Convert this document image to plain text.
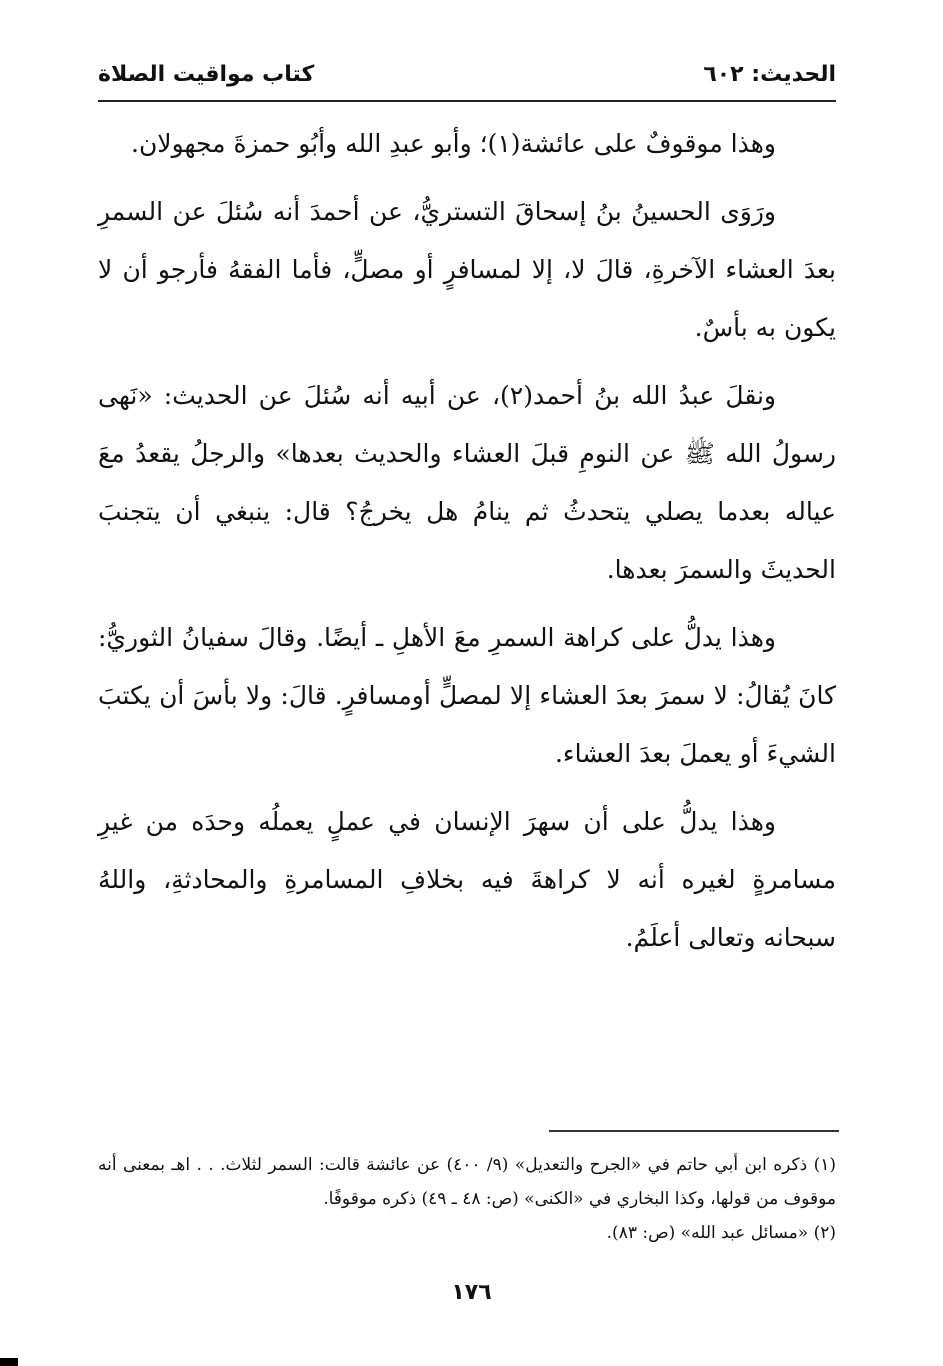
الحديث: ٦٠٢
كتاب مواقيت الصلاة

وهذا موقوفٌ على عائشة(١)؛ وأبو عبدِ الله وأبُو حمزةَ مجهولان.

ورَوَى الحسينُ بنُ إسحاقَ التستريُّ، عن أحمدَ أنه سُئلَ عن السمرِ بعدَ العشاء الآخرةِ، قالَ لا، إلا لمسافرٍ أو مصلٍّ، فأما الفقهُ فأرجو أن لا يكون به بأسٌ.

ونقلَ عبدُ الله بنُ أحمد(٢)، عن أبيه أنه سُئلَ عن الحديث: «نَهى رسولُ الله ﷺ عن النومِ قبلَ العشاء والحديث بعدها» والرجلُ يقعدُ معَ عياله بعدما يصلي يتحدثُ ثم ينامُ هل يخرجُ؟ قال: ينبغي أن يتجنبَ الحديثَ والسمرَ بعدها.

وهذا يدلُّ على كراهة السمرِ معَ الأهلِ ـ أيضًا. وقالَ سفيانُ الثوريُّ: كانَ يُقالُ: لا سمرَ بعدَ العشاء إلا لمصلٍّ أومسافرٍ. قالَ: ولا بأسَ أن يكتبَ الشيءَ أو يعملَ بعدَ العشاء.

وهذا يدلُّ على أن سهرَ الإنسان في عملٍ يعملُه وحدَه من غيرِ مسامرةٍ لغيره أنه لا كراهةَ فيه بخلافِ المسامرةِ والمحادثةِ، واللهُ سبحانه وتعالى أعلَمُ.

(١) ذكره ابن أبي حاتم في «الجرح والتعديل» (٩/ ٤٠٠) عن عائشة قالت: السمر لثلاث. . . اهـ بمعنى أنه موقوف من قولها، وكذا البخاري في «الكنى» (ص: ٤٨ ـ ٤٩) ذكره موقوفًا.

(٢) «مسائل عبد الله» (ص: ٨٣).

١٧٦
